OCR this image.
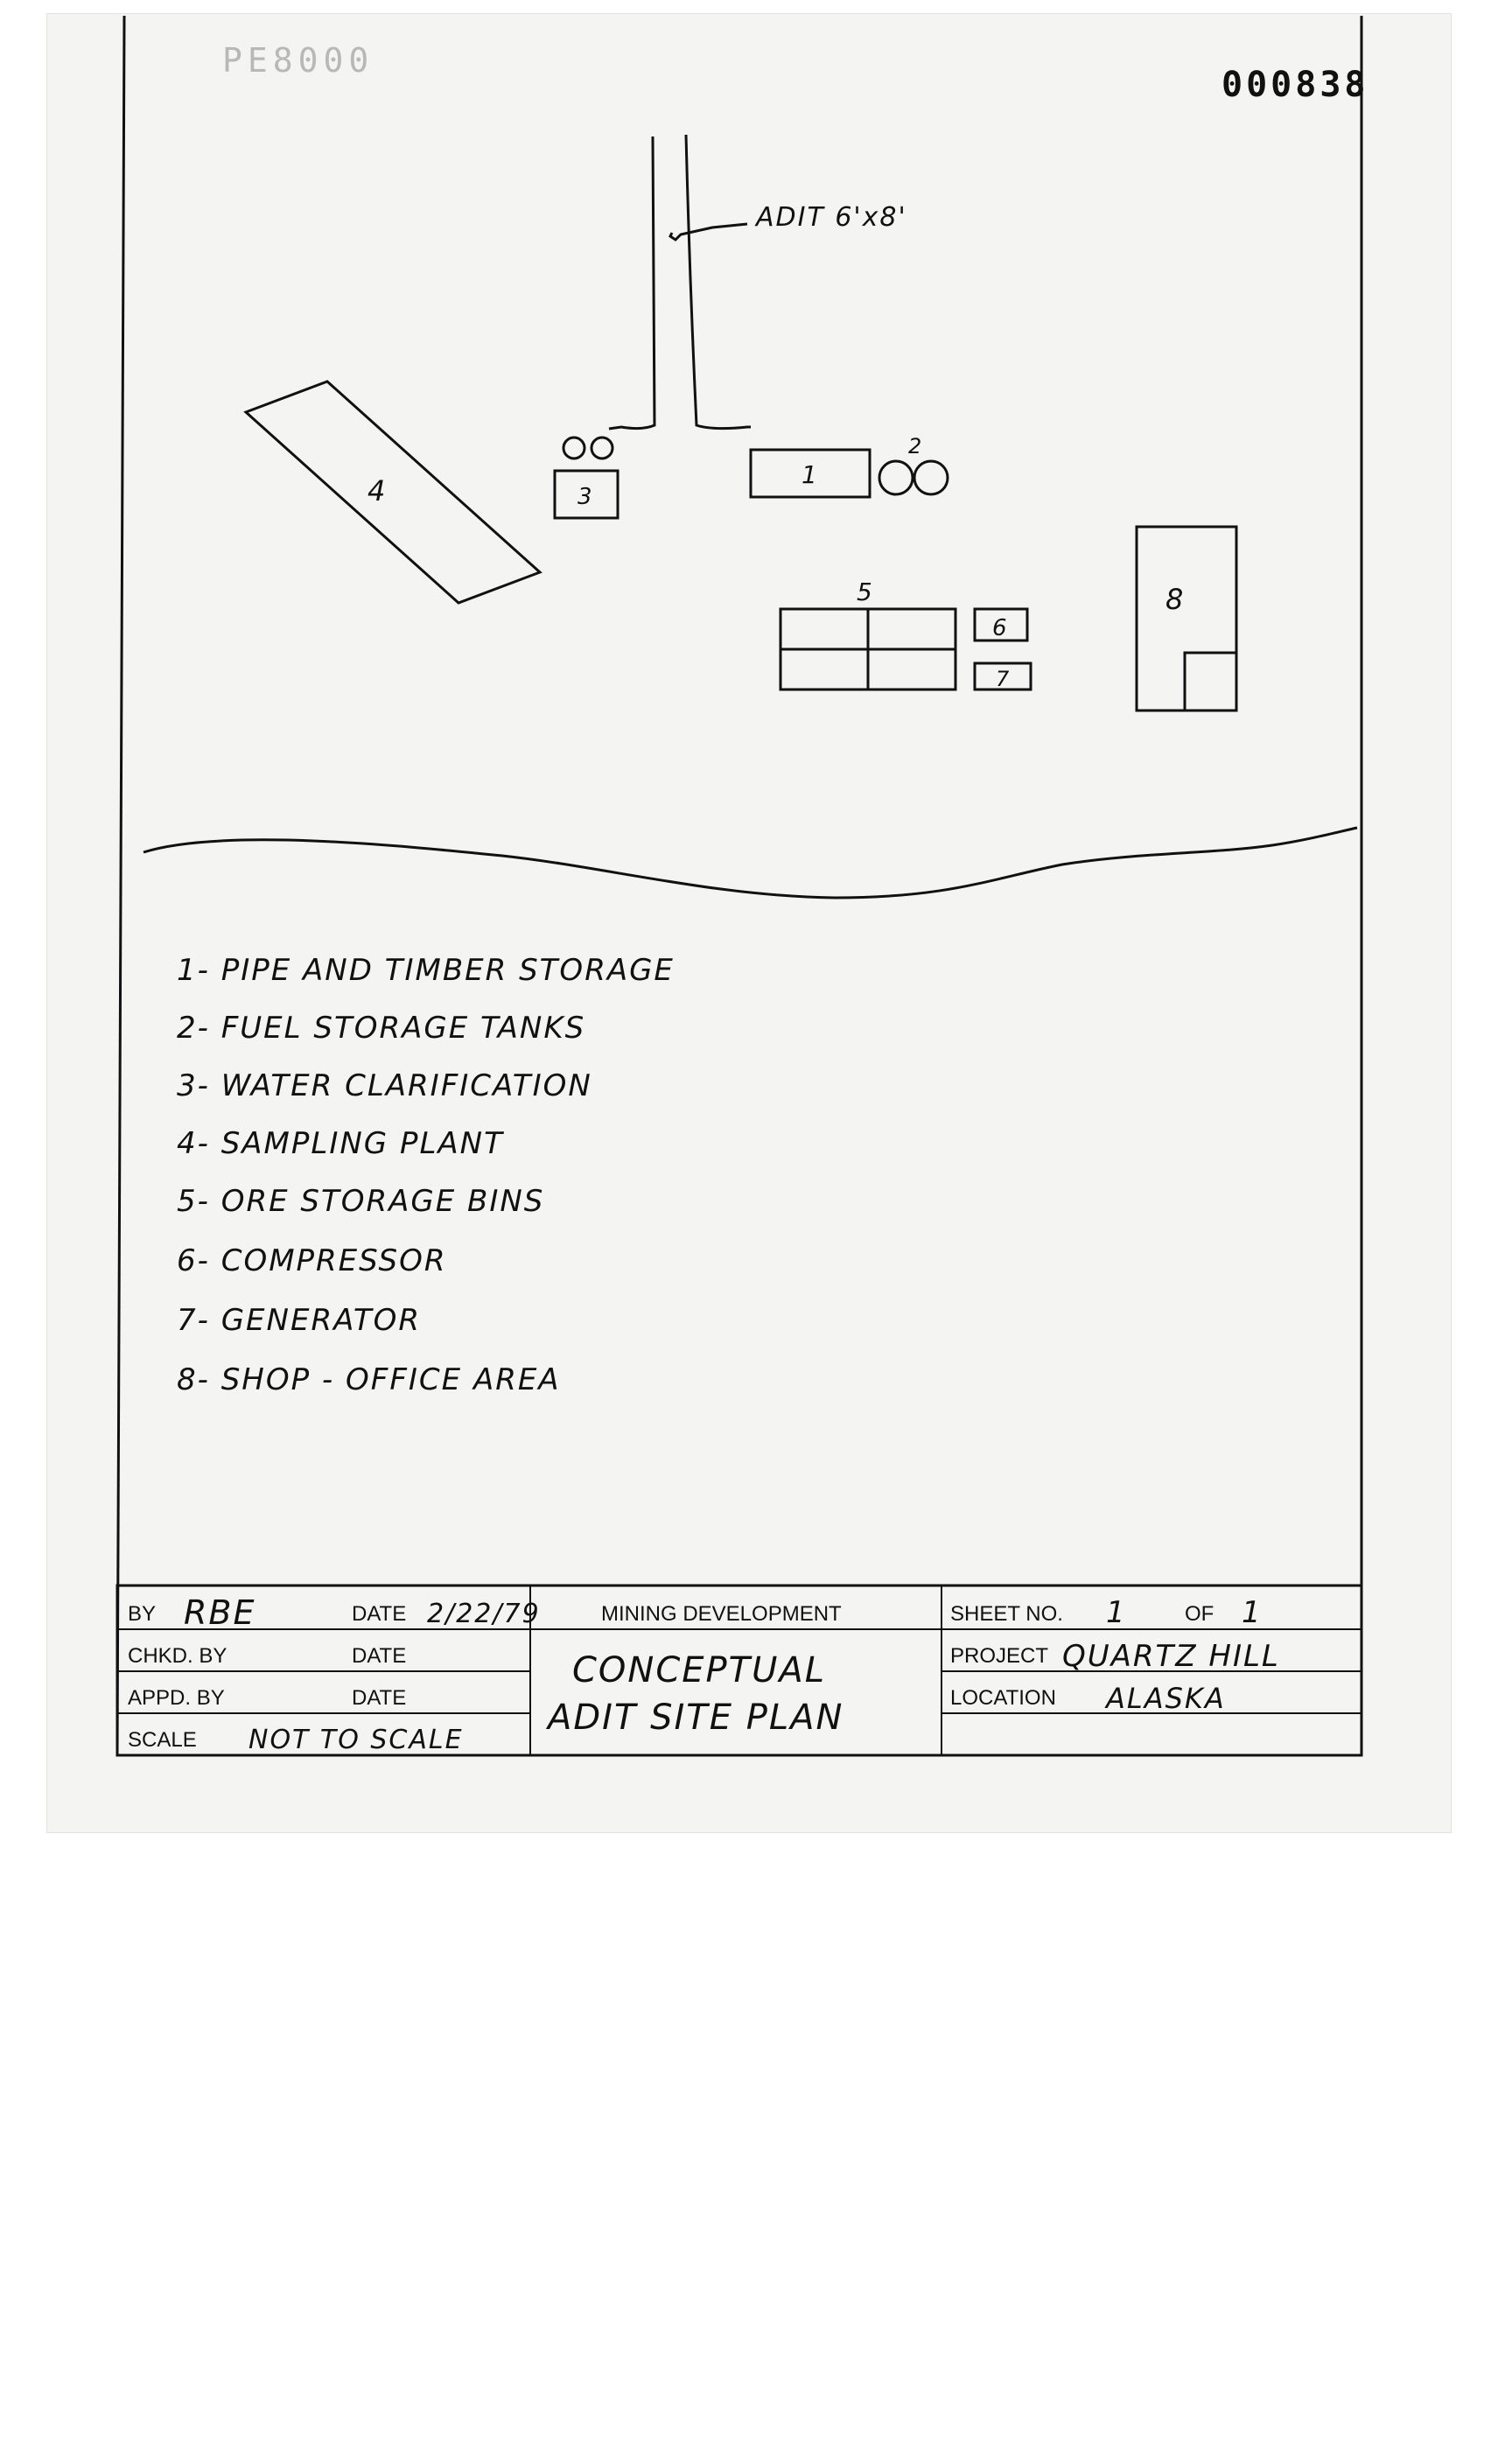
PE8000
000838
ADIT 6'x8'
1
2
3
4
5
6
7
8
1- PIPE AND TIMBER STORAGE
2- FUEL STORAGE TANKS
3- WATER CLARIFICATION
4- SAMPLING PLANT
5- ORE STORAGE BINS
6- COMPRESSOR
7- GENERATOR
8- SHOP - OFFICE AREA
BY RBE	DATE 2/22/79
CHKD. BY	DATE
APPD. BY	DATE
SCALE NOT TO SCALE
MINING DEVELOPMENT
CONCEPTUAL
ADIT SITE PLAN
SHEET NO. 1	OF 1
PROJECT QUARTZ HILL
LOCATION ALASKA
